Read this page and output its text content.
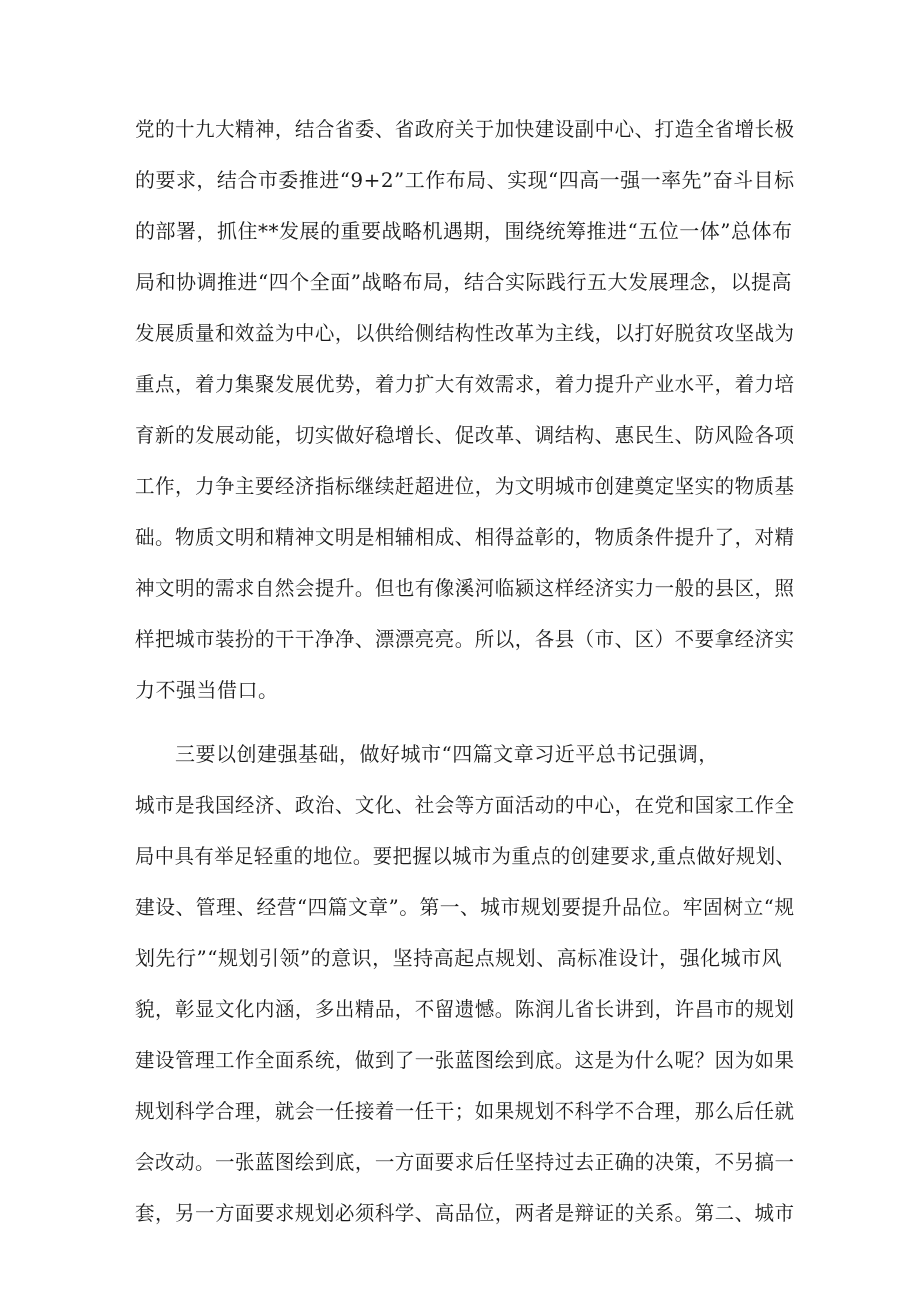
党的十九大精神，结合省委、省政府关于加快建设副中心、打造全省增长极
的要求，结合市委推进“9+2”工作布局、实现“四高一强一率先”奋斗目标
的部署，抓住**发展的重要战略机遇期，围绕统筹推进“五位一体”总体布
局和协调推进“四个全面”战略布局，结合实际践行五大发展理念，以提高
发展质量和效益为中心，以供给侧结构性改革为主线，以打好脱贫攻坚战为
重点，着力集聚发展优势，着力扩大有效需求，着力提升产业水平，着力培
育新的发展动能，切实做好稳增长、促改革、调结构、惠民生、防风险各项
工作，力争主要经济指标继续赶超进位，为文明城市创建奠定坚实的物质基
础。物质文明和精神文明是相辅相成、相得益彰的，物质条件提升了，对精
神文明的需求自然会提升。但也有像溪河临颍这样经济实力一般的县区，照
样把城市装扮的干干净净、漂漂亮亮。所以，各县（市、区）不要拿经济实
力不强当借口。
三要以创建强基础，做好城市“四篇文章习近平总书记强调，
城市是我国经济、政治、文化、社会等方面活动的中心，在党和国家工作全
局中具有举足轻重的地位。要把握以城市为重点的创建要求,重点做好规划、
建设、管理、经营“四篇文章”。第一、城市规划要提升品位。牢固树立“规
划先行”“规划引领”的意识，坚持高起点规划、高标准设计，强化城市风
貌，彰显文化内涵，多出精品，不留遗憾。陈润儿省长讲到，许昌市的规划
建设管理工作全面系统，做到了一张蓝图绘到底。这是为什么呢？因为如果
规划科学合理，就会一任接着一任干；如果规划不科学不合理，那么后任就
会改动。一张蓝图绘到底，一方面要求后任坚持过去正确的决策，不另搞一
套，另一方面要求规划必须科学、高品位，两者是辩证的关系。第二、城市
